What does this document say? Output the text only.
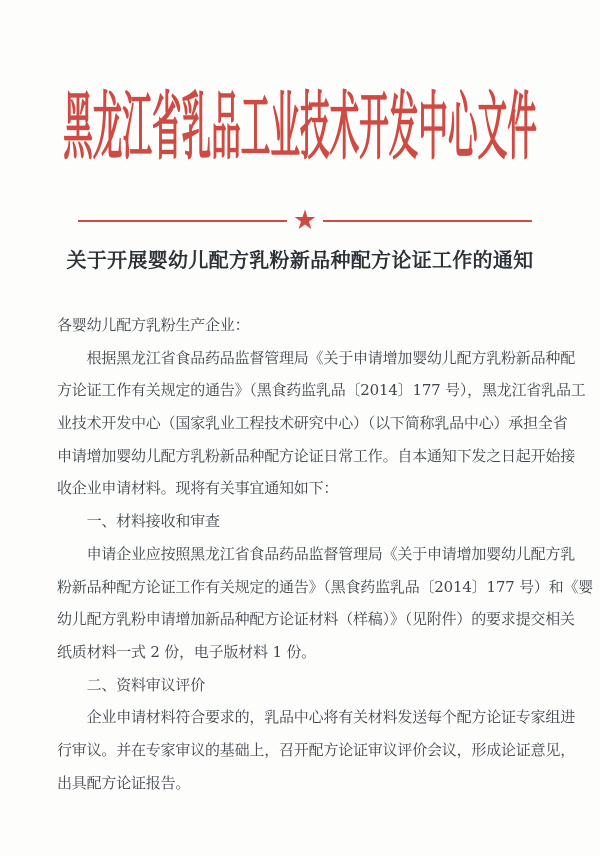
黑龙江省乳品工业技术开发中心文件
★
关于开展婴幼儿配方乳粉新品种配方论证工作的通知
各婴幼儿配方乳粉生产企业：
　　根据黑龙江省食品药品监督管理局《关于申请增加婴幼儿配方乳粉新品种配
方论证工作有关规定的通告》（黑食药监乳品〔2014〕177 号），黑龙江省乳品工
业技术开发中心（国家乳业工程技术研究中心）（以下简称乳品中心）承担全省
申请增加婴幼儿配方乳粉新品种配方论证日常工作。自本通知下发之日起开始接
收企业申请材料。现将有关事宜通知如下：
　　一、材料接收和审查
　　申请企业应按照黑龙江省食品药品监督管理局《关于申请增加婴幼儿配方乳
粉新品种配方论证工作有关规定的通告》（黑食药监乳品〔2014〕177 号）和《婴
幼儿配方乳粉申请增加新品种配方论证材料（样稿）》（见附件）的要求提交相关
纸质材料一式 2 份，电子版材料 1 份。
　　二、资料审议评价
　　企业申请材料符合要求的，乳品中心将有关材料发送每个配方论证专家组进
行审议。并在专家审议的基础上，召开配方论证审议评价会议，形成论证意见，
出具配方论证报告。
